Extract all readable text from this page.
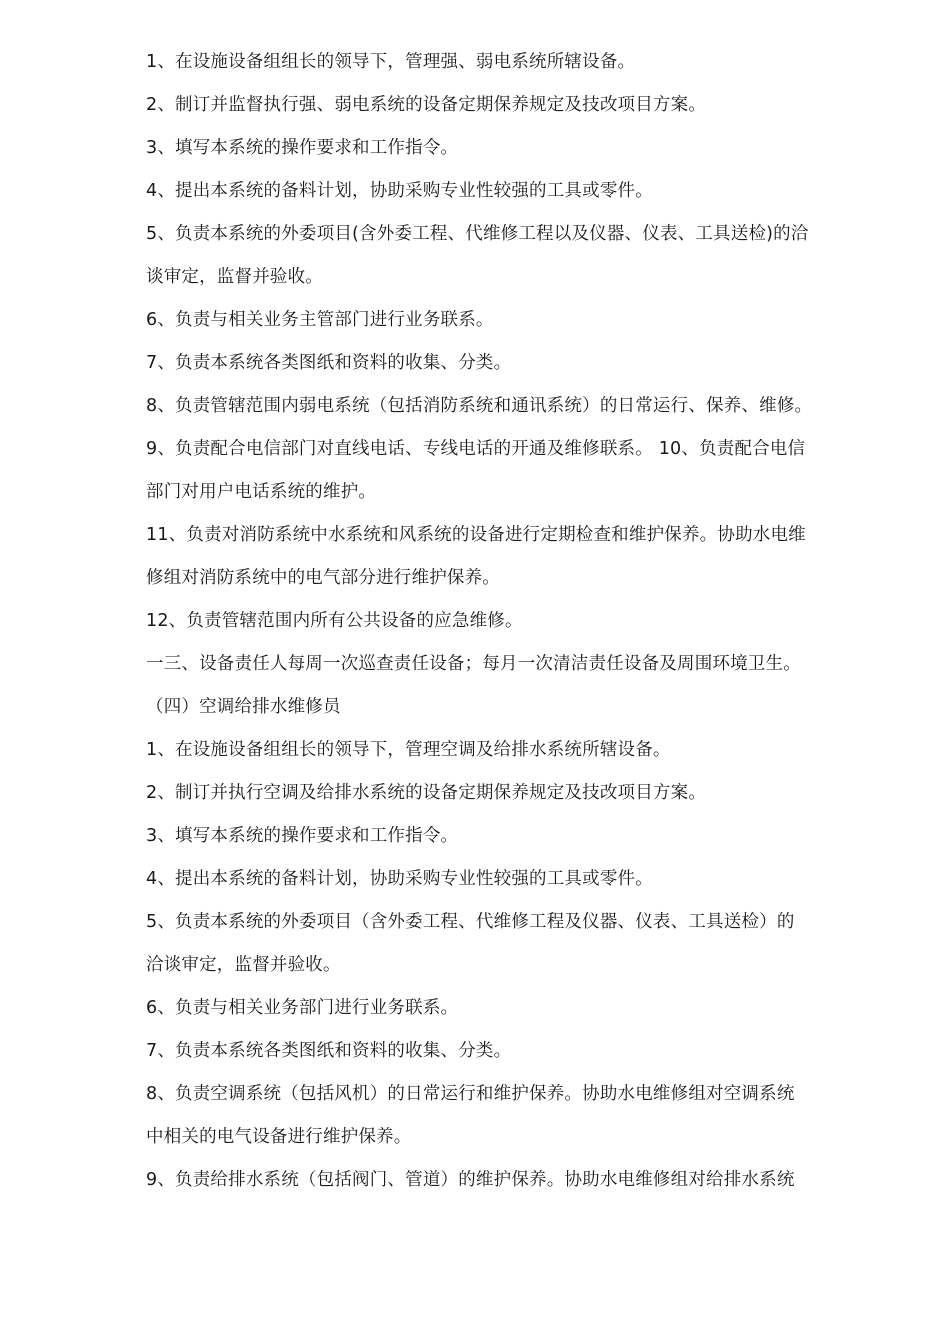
1、在设施设备组组长的领导下，管理强、弱电系统所辖设备。
2、制订并监督执行强、弱电系统的设备定期保养规定及技改项目方案。
3、填写本系统的操作要求和工作指令。
4、提出本系统的备料计划，协助采购专业性较强的工具或零件。
5、负责本系统的外委项目(含外委工程、代维修工程以及仪器、仪表、工具送检)的洽
谈审定，监督并验收。
6、负责与相关业务主管部门进行业务联系。
7、负责本系统各类图纸和资料的收集、分类。
8、负责管辖范围内弱电系统（包括消防系统和通讯系统）的日常运行、保养、维修。
9、负责配合电信部门对直线电话、专线电话的开通及维修联系。 10、负责配合电信
部门对用户电话系统的维护。
11、负责对消防系统中水系统和风系统的设备进行定期检查和维护保养。协助水电维
修组对消防系统中的电气部分进行维护保养。
12、负责管辖范围内所有公共设备的应急维修。
一三、设备责任人每周一次巡查责任设备；每月一次清洁责任设备及周围环境卫生。
（四）空调给排水维修员
1、在设施设备组组长的领导下，管理空调及给排水系统所辖设备。
2、制订并执行空调及给排水系统的设备定期保养规定及技改项目方案。
3、填写本系统的操作要求和工作指令。
4、提出本系统的备料计划，协助采购专业性较强的工具或零件。
5、负责本系统的外委项目（含外委工程、代维修工程及仪器、仪表、工具送检）的
洽谈审定，监督并验收。
6、负责与相关业务部门进行业务联系。
7、负责本系统各类图纸和资料的收集、分类。
8、负责空调系统（包括风机）的日常运行和维护保养。协助水电维修组对空调系统
中相关的电气设备进行维护保养。
9、负责给排水系统（包括阀门、管道）的维护保养。协助水电维修组对给排水系统
